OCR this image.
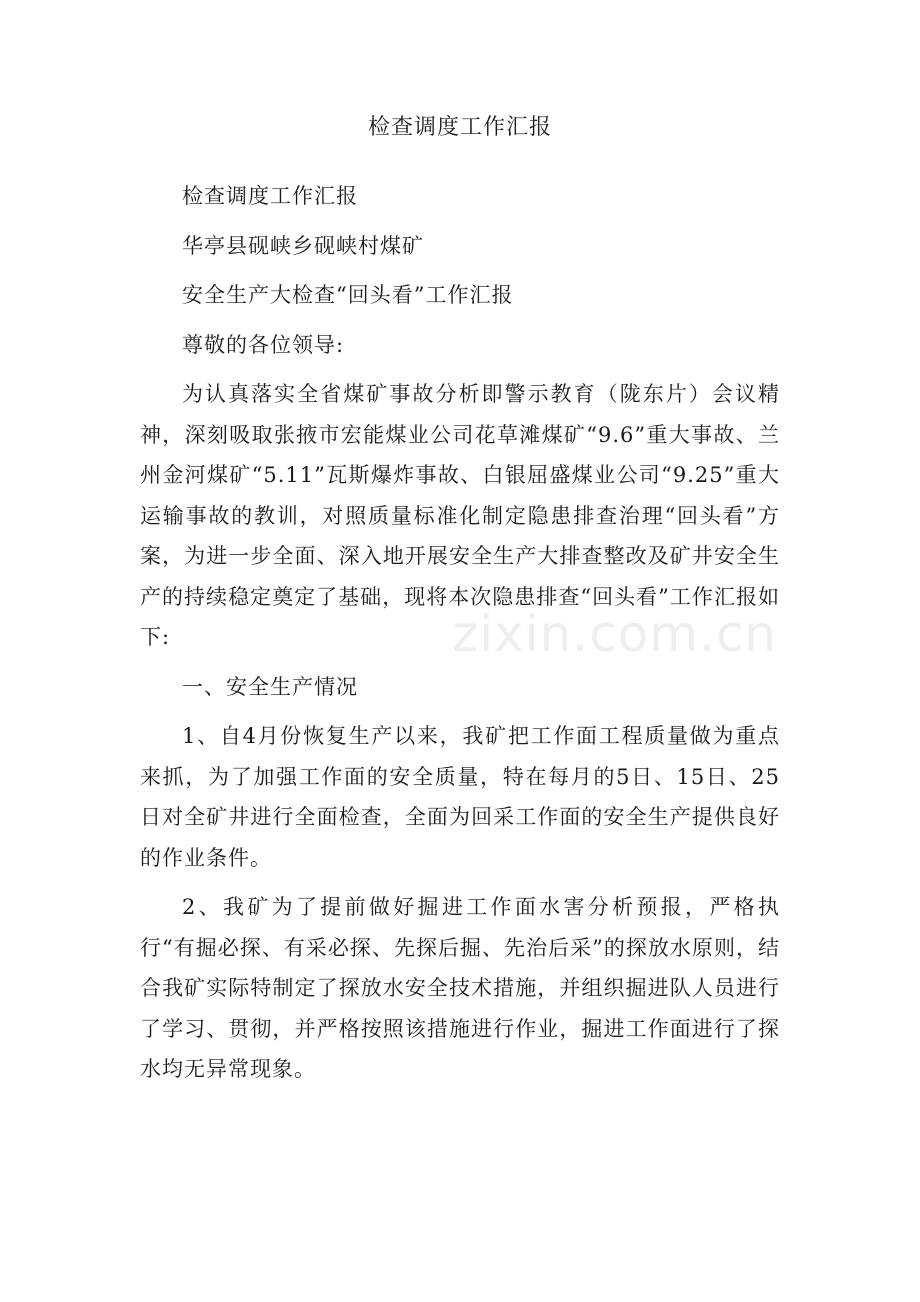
检查调度工作汇报

检查调度工作汇报

华亭县砚峡乡砚峡村煤矿

安全生产大检查“回头看”工作汇报

尊敬的各位领导:

为认真落实全省煤矿事故分析即警示教育（陇东片）会议精神，深刻吸取张掖市宏能煤业公司花草滩煤矿“9.6”重大事故、兰州金河煤矿“5.11”瓦斯爆炸事故、白银屈盛煤业公司“9.25”重大运输事故的教训，对照质量标准化制定隐患排查治理“回头看”方案，为进一步全面、深入地开展安全生产大排查整改及矿井安全生产的持续稳定奠定了基础，现将本次隐患排查“回头看”工作汇报如下:

一、安全生产情况

1、自4月份恢复生产以来，我矿把工作面工程质量做为重点来抓，为了加强工作面的安全质量，特在每月的5日、15日、25日对全矿井进行全面检查，全面为回采工作面的安全生产提供良好的作业条件。

2、我矿为了提前做好掘进工作面水害分析预报，严格执行“有掘必探、有采必探、先探后掘、先治后采”的探放水原则，结合我矿实际特制定了探放水安全技术措施，并组织掘进队人员进行了学习、贯彻，并严格按照该措施进行作业，掘进工作面进行了探水均无异常现象。

zixin.com.cn
